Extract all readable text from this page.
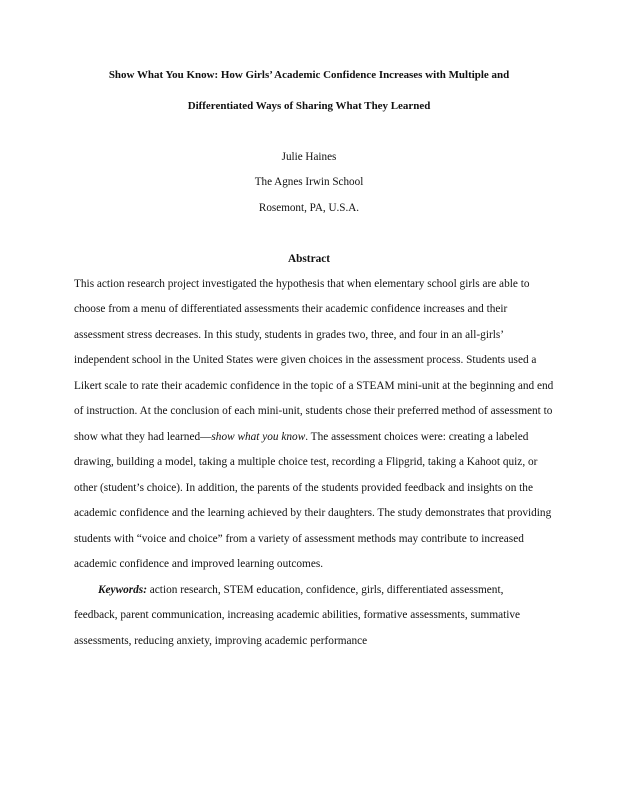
Show What You Know: How Girls’ Academic Confidence Increases with Multiple and
Differentiated Ways of Sharing What They Learned
Julie Haines
The Agnes Irwin School
Rosemont, PA, U.S.A.
Abstract
This action research project investigated the hypothesis that when elementary school girls are able to
choose from a menu of differentiated assessments their academic confidence increases and their
assessment stress decreases. In this study, students in grades two, three, and four in an all-girls’
independent school in the United States were given choices in the assessment process. Students used a
Likert scale to rate their academic confidence in the topic of a STEAM mini-unit at the beginning and end
of instruction. At the conclusion of each mini-unit, students chose their preferred method of assessment to
show what they had learned—show what you know. The assessment choices were: creating a labeled
drawing, building a model, taking a multiple choice test, recording a Flipgrid, taking a Kahoot quiz, or
other (student’s choice). In addition, the parents of the students provided feedback and insights on the
academic confidence and the learning achieved by their daughters. The study demonstrates that providing
students with “voice and choice” from a variety of assessment methods may contribute to increased
academic confidence and improved learning outcomes.
Keywords: action research, STEM education, confidence, girls, differentiated assessment,
feedback, parent communication, increasing academic abilities, formative assessments, summative
assessments, reducing anxiety, improving academic performance
